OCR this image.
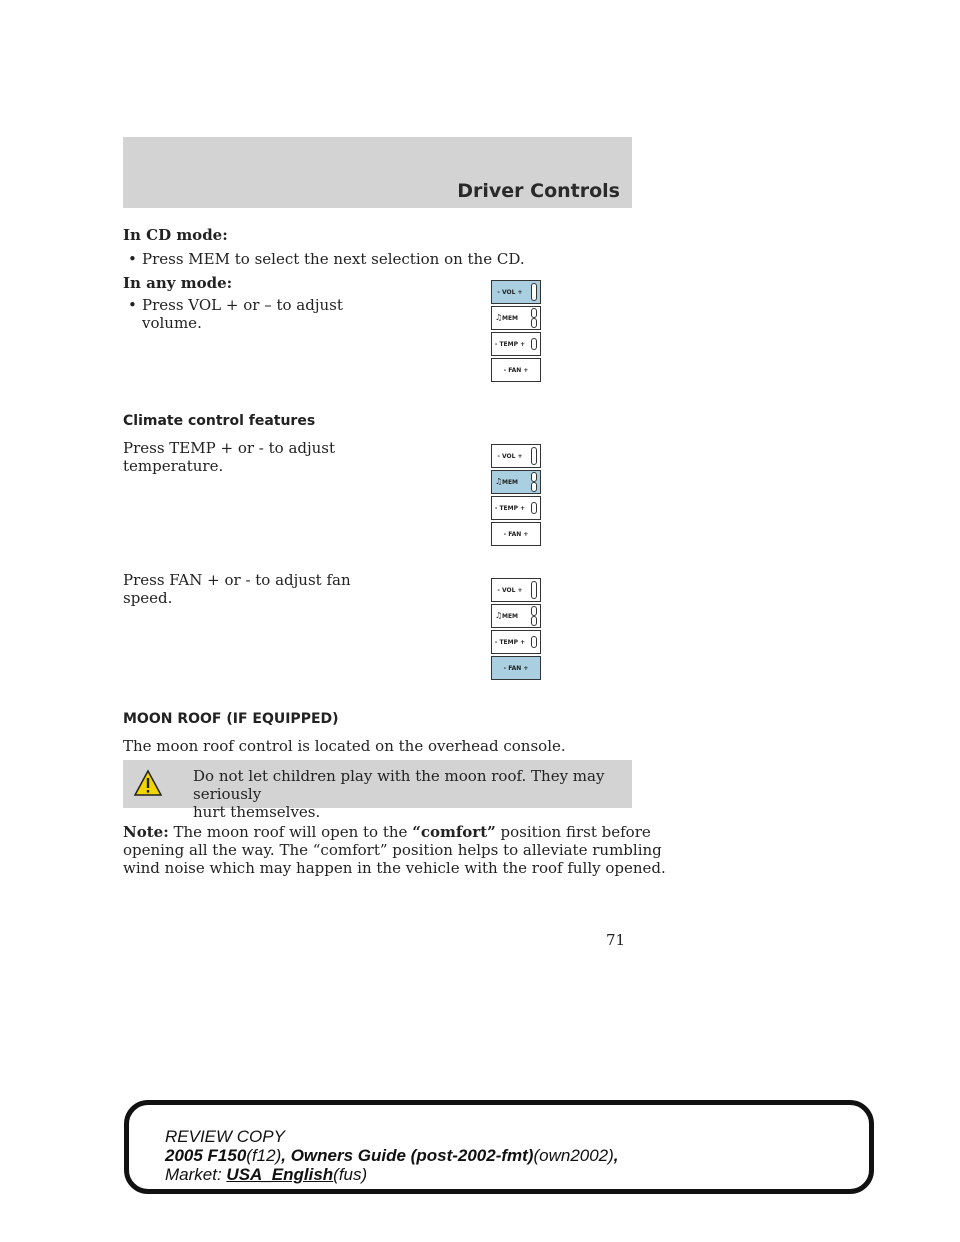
Driver Controls
In CD mode:
• Press MEM to select the next selection on the CD.
In any mode:
• Press VOL + or – to adjust
volume.
- VOL +
♫ MEM
- TEMP +
- FAN +
Climate control features
Press TEMP + or - to adjust
temperature.
- VOL +
♫ MEM
- TEMP +
- FAN +
Press FAN + or - to adjust fan
speed.	- VOL +
♫ MEM
- TEMP +
- FAN +
MOON ROOF (IF EQUIPPED)
The moon roof control is located on the overhead console.
Do not let children play with the moon roof. They may seriously
hurt themselves.
Note: The moon roof will open to the “comfort” position first before
opening all the way. The “comfort” position helps to alleviate rumbling
wind noise which may happen in the vehicle with the roof fully opened.
71
REVIEW COPY
2005 F150(f12), Owners Guide (post-2002-fmt)(own2002),
Market: USA_English(fus)
